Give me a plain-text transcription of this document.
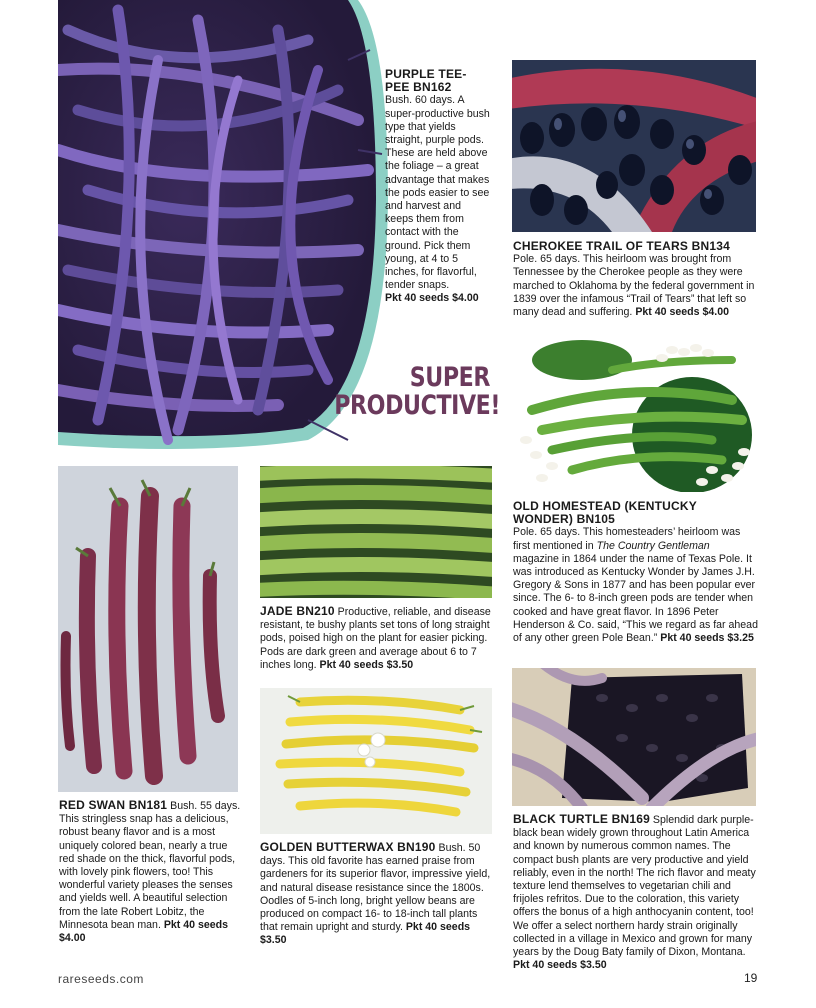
PURPLE TEE-PEE BN162
Bush. 60 days. A super-productive bush type that yields straight, purple pods. These are held above the foliage – a great advantage that makes the pods easier to see and harvest and keeps them from contact with the ground. Pick them young, at 4 to 5 inches, for flavorful, tender snaps.
Pkt 40 seeds $4.00
SUPER
PRODUCTIVE!
CHEROKEE TRAIL OF TEARS BN134
Pole. 65 days. This heirloom was brought from Tennessee by the Cherokee people as they were marched to Oklahoma by the federal government in 1839 over the infamous “Trail of Tears” that left so many dead and suffering. Pkt 40 seeds $4.00
OLD HOMESTEAD (KENTUCKY WONDER) BN105
Pole. 65 days. This homesteaders’ heirloom was first mentioned in The Country Gentleman magazine in 1864 under the name of Texas Pole. It was introduced as Kentucky Wonder by James J.H. Gregory & Sons in 1877 and has been popular ever since. The 6- to 8-inch green pods are tender when cooked and have great flavor. In 1896 Peter Henderson & Co. said, “This we regard as far ahead of any other green Pole Bean.” Pkt 40 seeds $3.25
JADE BN210 Productive, reliable, and disease resistant, te bushy plants set tons of long straight pods, poised high on the plant for easier picking. Pods are dark green and average about 6 to 7 inches long. Pkt 40 seeds $3.50
RED SWAN BN181 Bush. 55 days. This stringless snap has a delicious, robust beany flavor and is a most uniquely colored bean, nearly a true red shade on the thick, flavorful pods, with lovely pink flowers, too! This wonderful variety pleases the senses and yields well. A beautiful selection from the late Robert Lobitz, the Minnesota bean man. Pkt 40 seeds $4.00
GOLDEN BUTTERWAX BN190 Bush. 50 days. This old favorite has earned praise from gardeners for its superior flavor, impressive yield, and natural disease resistance since the 1800s. Oodles of 5-inch long, bright yellow beans are produced on compact 16- to 18-inch tall plants that remain upright and sturdy. Pkt 40 seeds $3.50
BLACK TURTLE BN169 Splendid dark purple-black bean widely grown throughout Latin America and known by numerous common names. The compact bush plants are very productive and yield reliably, even in the north! The rich flavor and meaty texture lend themselves to vegetarian chili and frijoles refritos. Due to the coloration, this variety offers the bonus of a high anthocyanin content, too! We offer a select northern hardy strain originally collected in a village in Mexico and grown for many years by the Doug Baty family of Dixon, Montana. Pkt 40 seeds $3.50
rareseeds.com	19
